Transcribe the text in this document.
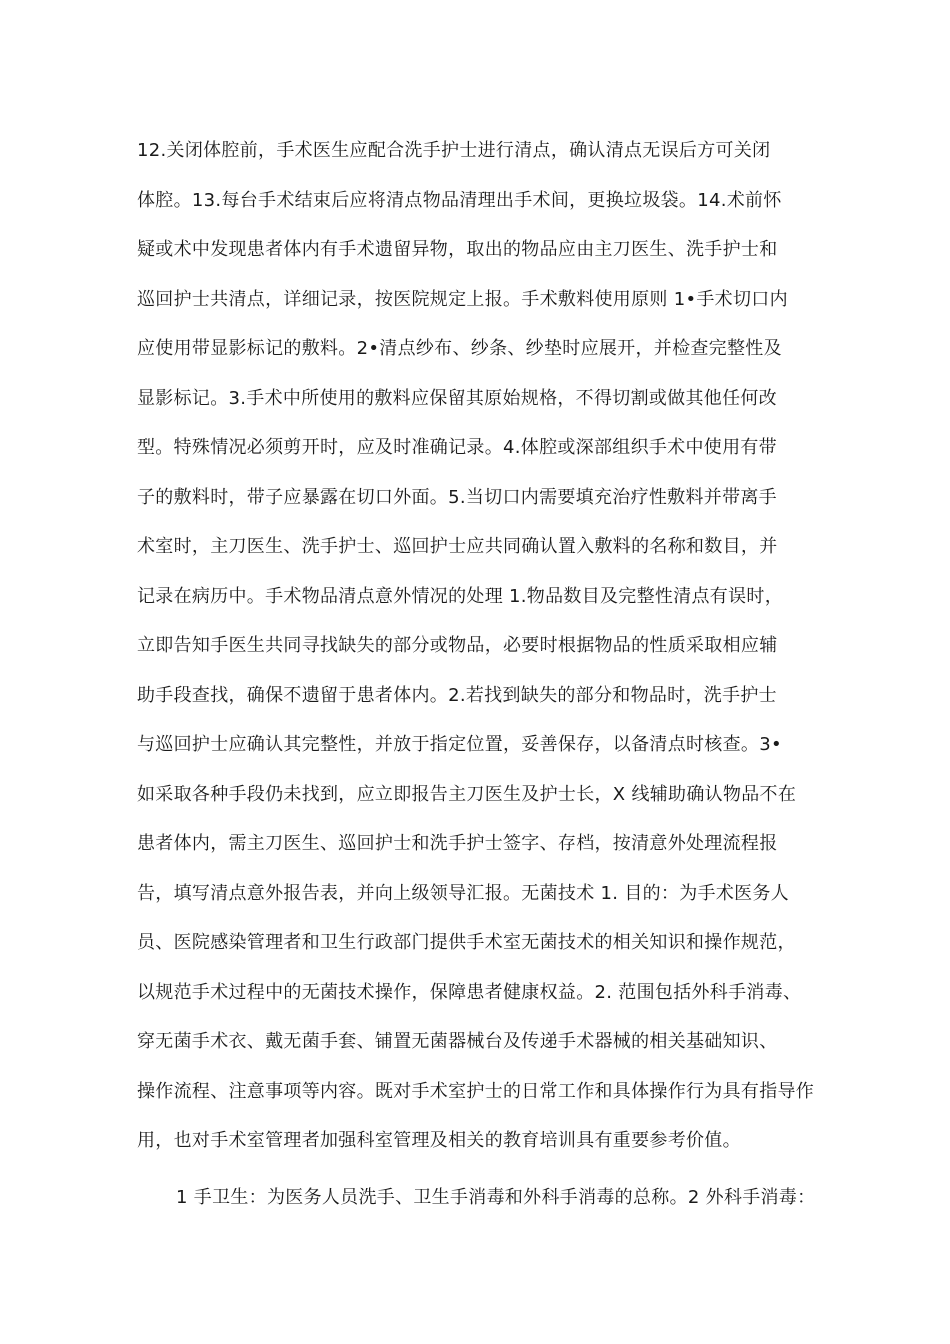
12.关闭体腔前，手术医生应配合洗手护士进行清点，确认清点无误后方可关闭
体腔。13.每台手术结束后应将清点物品清理出手术间，更换垃圾袋。14.术前怀
疑或术中发现患者体内有手术遗留异物，取出的物品应由主刀医生、洗手护士和
巡回护士共清点，详细记录，按医院规定上报。手术敷料使用原则 1•手术切口内
应使用带显影标记的敷料。2•清点纱布、纱条、纱垫时应展开，并检查完整性及
显影标记。3.手术中所使用的敷料应保留其原始规格，不得切割或做其他任何改
型。特殊情况必须剪开时，应及时准确记录。4.体腔或深部组织手术中使用有带
子的敷料时，带子应暴露在切口外面。5.当切口内需要填充治疗性敷料并带离手
术室时，主刀医生、洗手护士、巡回护士应共同确认置入敷料的名称和数目，并
记录在病历中。手术物品清点意外情况的处理 1.物品数目及完整性清点有误时，
立即告知手医生共同寻找缺失的部分或物品，必要时根据物品的性质采取相应辅
助手段查找，确保不遗留于患者体内。2.若找到缺失的部分和物品时，洗手护士
与巡回护士应确认其完整性，并放于指定位置，妥善保存，以备清点时核查。3•
如采取各种手段仍未找到，应立即报告主刀医生及护士长，X 线辅助确认物品不在
患者体内，需主刀医生、巡回护士和洗手护士签字、存档，按清意外处理流程报
告，填写清点意外报告表，并向上级领导汇报。无菌技术 1. 目的：为手术医务人
员、医院感染管理者和卫生行政部门提供手术室无菌技术的相关知识和操作规范，
以规范手术过程中的无菌技术操作，保障患者健康权益。2. 范围包括外科手消毒、
穿无菌手术衣、戴无菌手套、铺置无菌器械台及传递手术器械的相关基础知识、
操作流程、注意事项等内容。既对手术室护士的日常工作和具体操作行为具有指导作
用，也对手术室管理者加强科室管理及相关的教育培训具有重要参考价值。
1 手卫生：为医务人员洗手、卫生手消毒和外科手消毒的总称。2 外科手消毒：
